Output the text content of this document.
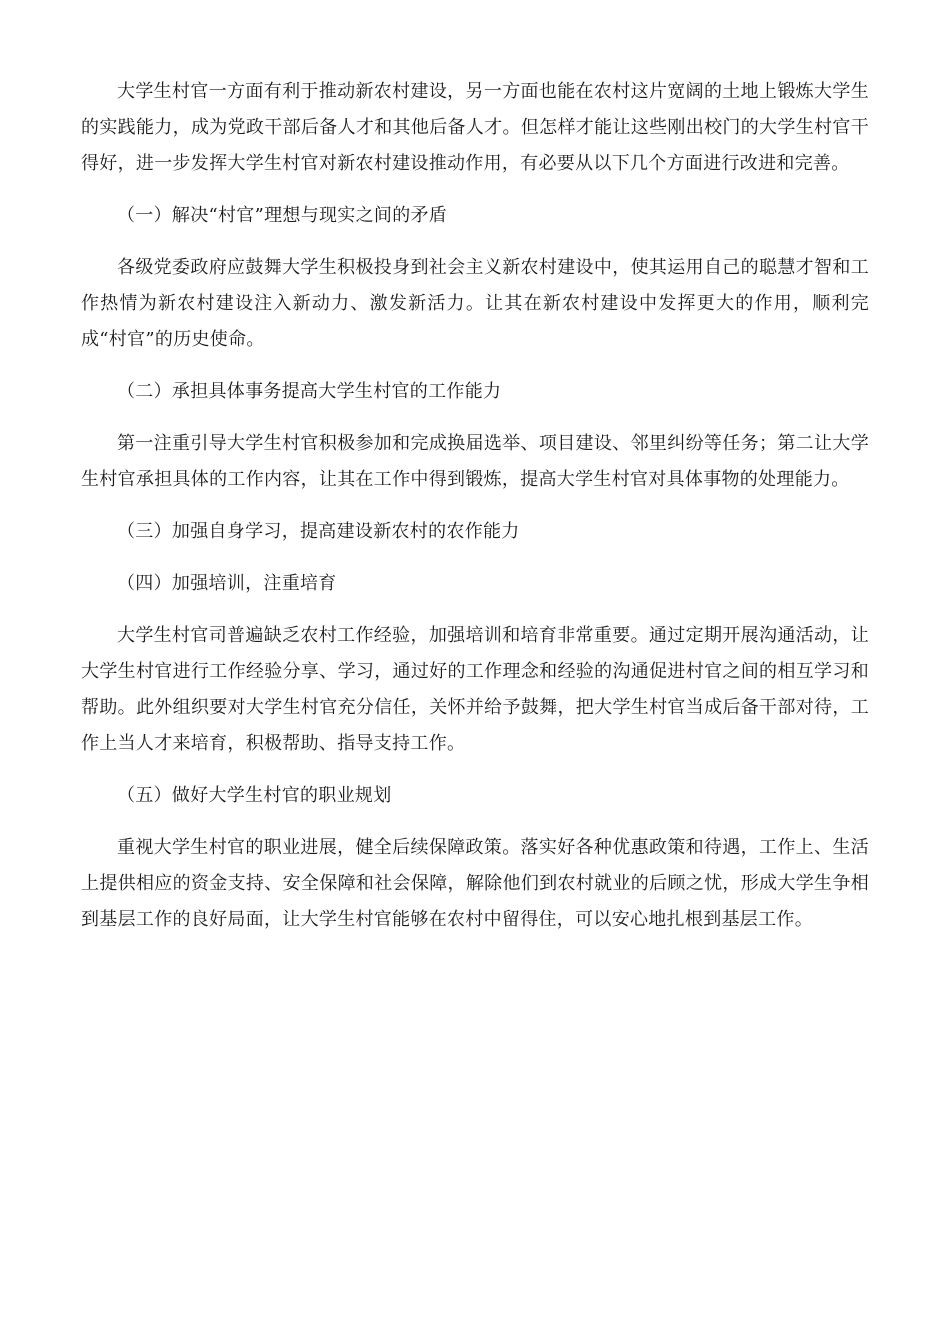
大学生村官一方面有利于推动新农村建设，另一方面也能在农村这片宽阔的土地上锻炼大学生的实践能力，成为党政干部后备人才和其他后备人才。但怎样才能让这些刚出校门的大学生村官干得好，进一步发挥大学生村官对新农村建设推动作用，有必要从以下几个方面进行改进和完善。

（一）解决“村官”理想与现实之间的矛盾

各级党委政府应鼓舞大学生积极投身到社会主义新农村建设中，使其运用自己的聪慧才智和工作热情为新农村建设注入新动力、激发新活力。让其在新农村建设中发挥更大的作用，顺利完成“村官”的历史使命。

（二）承担具体事务提高大学生村官的工作能力

第一注重引导大学生村官积极参加和完成换届选举、项目建设、邻里纠纷等任务；第二让大学生村官承担具体的工作内容，让其在工作中得到锻炼，提高大学生村官对具体事物的处理能力。

（三）加强自身学习，提高建设新农村的农作能力

（四）加强培训，注重培育

大学生村官司普遍缺乏农村工作经验，加强培训和培育非常重要。通过定期开展沟通活动，让大学生村官进行工作经验分享、学习，通过好的工作理念和经验的沟通促进村官之间的相互学习和帮助。此外组织要对大学生村官充分信任，关怀并给予鼓舞，把大学生村官当成后备干部对待，工作上当人才来培育，积极帮助、指导支持工作。

（五）做好大学生村官的职业规划

重视大学生村官的职业进展，健全后续保障政策。落实好各种优惠政策和待遇，工作上、生活上提供相应的资金支持、安全保障和社会保障，解除他们到农村就业的后顾之忧，形成大学生争相到基层工作的良好局面，让大学生村官能够在农村中留得住，可以安心地扎根到基层工作。
